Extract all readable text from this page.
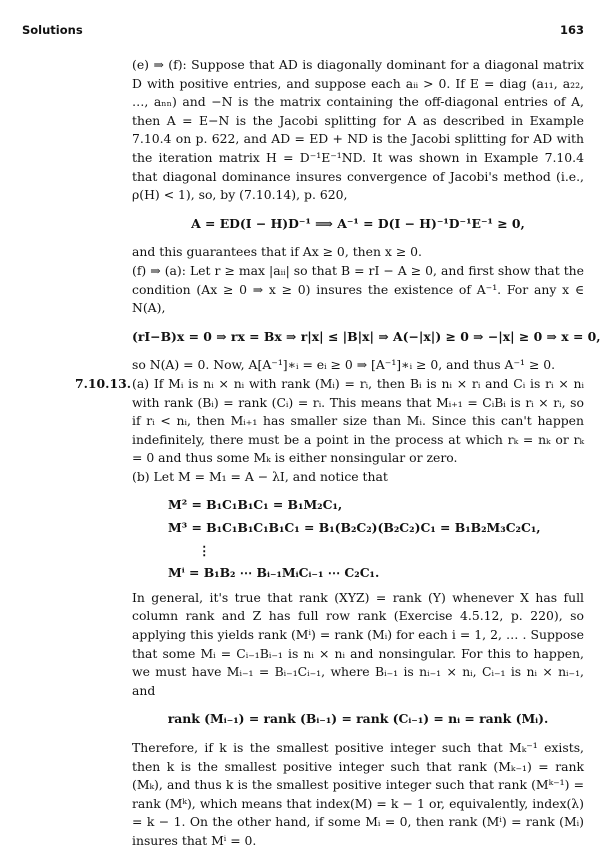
Solutions	163

(e) ⇒ (f): Suppose that AD is diagonally dominant for a diagonal matrix D with positive entries, and suppose each aᵢᵢ > 0. If E = diag (a₁₁, a₂₂, …, aₙₙ) and −N is the matrix containing the off-diagonal entries of A, then A = E−N is the Jacobi splitting for A as described in Example 7.10.4 on p. 622, and AD = ED + ND is the Jacobi splitting for AD with the iteration matrix H = D⁻¹E⁻¹ND. It was shown in Example 7.10.4 that diagonal dominance insures convergence of Jacobi's method (i.e., ρ(H) < 1), so, by (7.10.14), p. 620,

A = ED(I − H)D⁻¹ ⟹ A⁻¹ = D(I − H)⁻¹D⁻¹E⁻¹ ≥ 0,

and this guarantees that if Ax ≥ 0, then x ≥ 0.

(f) ⇒ (a): Let r ≥ max |aᵢᵢ| so that B = rI − A ≥ 0, and first show that the condition (Ax ≥ 0 ⇒ x ≥ 0) insures the existence of A⁻¹. For any x ∈ N(A),

(rI−B)x = 0 ⇒ rx = Bx ⇒ r|x| ≤ |B|x| ⇒ A(−|x|) ≥ 0 ⇒ −|x| ≥ 0 ⇒ x = 0,

so N(A) = 0. Now, A[A⁻¹]∗ᵢ = eᵢ ≥ 0 ⇒ [A⁻¹]∗ᵢ ≥ 0, and thus A⁻¹ ≥ 0.

7.10.13. (a) If Mᵢ is nᵢ × nᵢ with rank (Mᵢ) = rᵢ, then Bᵢ is nᵢ × rᵢ and Cᵢ is rᵢ × nᵢ with rank (Bᵢ) = rank (Cᵢ) = rᵢ. This means that Mᵢ₊₁ = CᵢBᵢ is rᵢ × rᵢ, so if rᵢ < nᵢ, then Mᵢ₊₁ has smaller size than Mᵢ. Since this can't happen indefinitely, there must be a point in the process at which rₖ = nₖ or rₖ = 0 and thus some Mₖ is either nonsingular or zero.

(b) Let M = M₁ = A − λI, and notice that

M² = B₁C₁B₁C₁ = B₁M₂C₁,
M³ = B₁C₁B₁C₁B₁C₁ = B₁(B₂C₂)(B₂C₂)C₁ = B₁B₂M₃C₂C₁,
⋮
Mⁱ = B₁B₂ ⋯ Bᵢ₋₁MᵢCᵢ₋₁ ⋯ C₂C₁.

In general, it's true that rank (XYZ) = rank (Y) whenever X has full column rank and Z has full row rank (Exercise 4.5.12, p. 220), so applying this yields rank (Mⁱ) = rank (Mᵢ) for each i = 1, 2, … . Suppose that some Mᵢ = Cᵢ₋₁Bᵢ₋₁ is nᵢ × nᵢ and nonsingular. For this to happen, we must have Mᵢ₋₁ = Bᵢ₋₁Cᵢ₋₁, where Bᵢ₋₁ is nᵢ₋₁ × nᵢ, Cᵢ₋₁ is nᵢ × nᵢ₋₁, and

rank (Mᵢ₋₁) = rank (Bᵢ₋₁) = rank (Cᵢ₋₁) = nᵢ = rank (Mᵢ).

Therefore, if k is the smallest positive integer such that Mₖ⁻¹ exists, then k is the smallest positive integer such that rank (Mₖ₋₁) = rank (Mₖ), and thus k is the smallest positive integer such that rank (Mᵏ⁻¹) = rank (Mᵏ), which means that index(M) = k − 1 or, equivalently, index(λ) = k − 1. On the other hand, if some Mᵢ = 0, then rank (Mⁱ) = rank (Mᵢ) insures that Mⁱ = 0.
